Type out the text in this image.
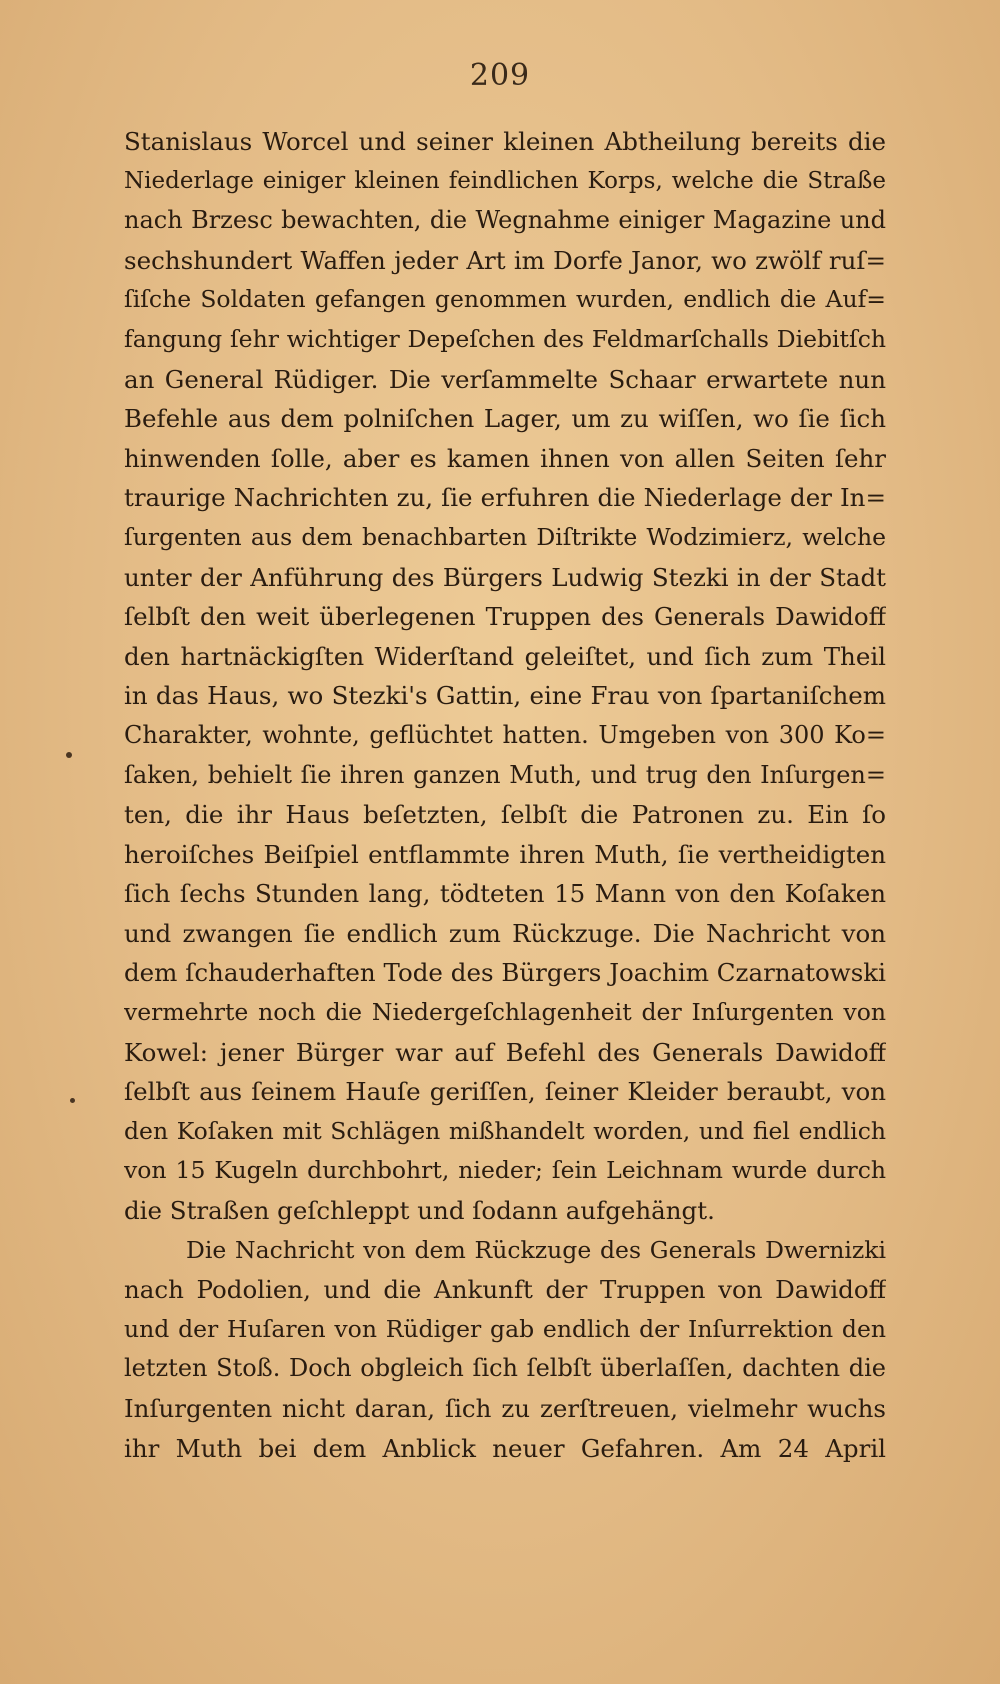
209
Stanislaus Worcel und seiner kleinen Abtheilung bereits die
Niederlage einiger kleinen feindlichen Korps, welche die Straße
nach Brzesc bewachten, die Wegnahme einiger Magazine und
sechshundert Waffen jeder Art im Dorfe Janor, wo zwölf ruſ=
ſiſche Soldaten gefangen genommen wurden, endlich die Auf=
fangung ſehr wichtiger Depeſchen des Feldmarſchalls Diebitſch
an General Rüdiger. Die verſammelte Schaar erwartete nun
Befehle aus dem polniſchen Lager, um zu wiſſen, wo ſie ſich
hinwenden ſolle, aber es kamen ihnen von allen Seiten ſehr
traurige Nachrichten zu, ſie erfuhren die Niederlage der In=
ſurgenten aus dem benachbarten Diſtrikte Wodzimierz, welche
unter der Anführung des Bürgers Ludwig Stezki in der Stadt
ſelbſt den weit überlegenen Truppen des Generals Dawidoff
den hartnäckigſten Widerſtand geleiſtet, und ſich zum Theil
in das Haus, wo Stezki's Gattin, eine Frau von ſpartaniſchem
Charakter, wohnte, geflüchtet hatten. Umgeben von 300 Ko=
ſaken, behielt ſie ihren ganzen Muth, und trug den Inſurgen=
ten, die ihr Haus beſetzten, ſelbſt die Patronen zu. Ein ſo
heroiſches Beiſpiel entflammte ihren Muth, ſie vertheidigten
ſich ſechs Stunden lang, tödteten 15 Mann von den Koſaken
und zwangen ſie endlich zum Rückzuge. Die Nachricht von
dem ſchauderhaften Tode des Bürgers Joachim Czarnatowski
vermehrte noch die Niedergeſchlagenheit der Inſurgenten von
Kowel: jener Bürger war auf Befehl des Generals Dawidoff
ſelbſt aus ſeinem Hauſe geriſſen, ſeiner Kleider beraubt, von
den Koſaken mit Schlägen mißhandelt worden, und fiel endlich
von 15 Kugeln durchbohrt, nieder; ſein Leichnam wurde durch
die Straßen geſchleppt und ſodann aufgehängt.
Die Nachricht von dem Rückzuge des Generals Dwernizki
nach Podolien, und die Ankunft der Truppen von Dawidoff
und der Huſaren von Rüdiger gab endlich der Inſurrektion den
letzten Stoß. Doch obgleich ſich ſelbſt überlaſſen, dachten die
Inſurgenten nicht daran, ſich zu zerſtreuen, vielmehr wuchs
ihr Muth bei dem Anblick neuer Gefahren. Am 24 April
